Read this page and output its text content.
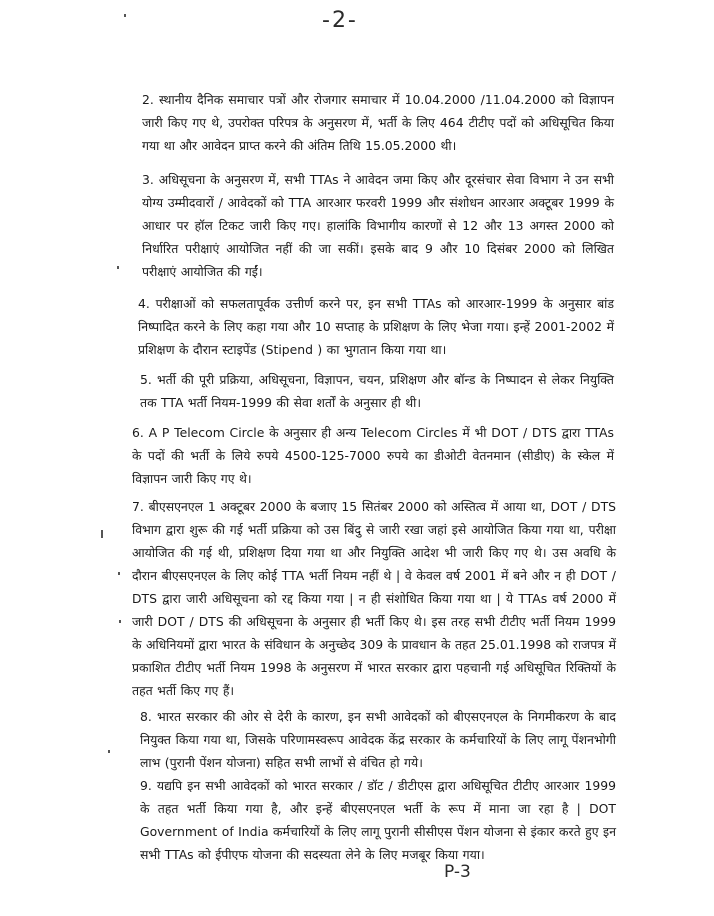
-2-
2. स्थानीय दैनिक समाचार पत्रों और रोजगार समाचार में 10.04.2000 /11.04.2000 को विज्ञापन जारी किए गए थे, उपरोक्त परिपत्र के अनुसरण में, भर्ती के लिए 464 टीटीए पदों को अधिसूचित किया गया था और आवेदन प्राप्त करने की अंतिम तिथि 15.05.2000 थी।
3. अधिसूचना के अनुसरण में, सभी TTAs ने आवेदन जमा किए और दूरसंचार सेवा विभाग ने उन सभी योग्य उम्मीदवारों / आवेदकों को TTA आरआर फरवरी 1999 और संशोधन आरआर अक्टूबर 1999 के आधार पर हॉल टिकट जारी किए गए। हालांकि विभागीय कारणों से 12 और 13 अगस्त 2000 को निर्धारित परीक्षाएं आयोजित नहीं की जा सकीं। इसके बाद 9 और 10 दिसंबर 2000 को लिखित परीक्षाएं आयोजित की गईं।
4. परीक्षाओं को सफलतापूर्वक उत्तीर्ण करने पर, इन सभी TTAs को आरआर-1999 के अनुसार बांड निष्पादित करने के लिए कहा गया और 10 सप्ताह के प्रशिक्षण के लिए भेजा गया। इन्हें 2001-2002 में प्रशिक्षण के दौरान स्टाइपेंड (Stipend ) का भुगतान किया गया था।
5. भर्ती की पूरी प्रक्रिया, अधिसूचना, विज्ञापन, चयन, प्रशिक्षण और बॉन्ड के निष्पादन से लेकर नियुक्ति तक TTA भर्ती नियम-1999 की सेवा शर्तों के अनुसार ही थी।
6. A P Telecom Circle के अनुसार ही अन्य Telecom Circles में भी DOT / DTS द्वारा TTAs के पदों की भर्ती के लिये रुपये 4500-125-7000 रुपये का डीओटी वेतनमान (सीडीए) के स्केल में विज्ञापन जारी किए गए थे।
7. बीएसएनएल 1 अक्टूबर 2000 के बजाए 15 सितंबर 2000 को अस्तित्व में आया था, DOT / DTS विभाग द्वारा शुरू की गई भर्ती प्रक्रिया को उस बिंदु से जारी रखा जहां इसे आयोजित किया गया था, परीक्षा आयोजित की गई थी, प्रशिक्षण दिया गया था और नियुक्ति आदेश भी जारी किए गए थे। उस अवधि के दौरान बीएसएनएल के लिए कोई TTA भर्ती नियम नहीं थे | वे केवल वर्ष 2001 में बने और न ही DOT / DTS द्वारा जारी अधिसूचना को रद्द किया गया | न ही संशोधित किया गया था | ये TTAs वर्ष 2000 में जारी DOT / DTS की अधिसूचना के अनुसार ही भर्ती किए थे। इस तरह सभी टीटीए भर्ती नियम 1999 के अधिनियमों द्वारा भारत के संविधान के अनुच्छेद 309 के प्रावधान के तहत 25.01.1998 को राजपत्र में प्रकाशित टीटीए भर्ती नियम 1998 के अनुसरण में भारत सरकार द्वारा पहचानी गई अधिसूचित रिक्तियों के तहत भर्ती किए गए हैं।
8. भारत सरकार की ओर से देरी के कारण, इन सभी आवेदकों को बीएसएनएल के निगमीकरण के बाद नियुक्त किया गया था, जिसके परिणामस्वरूप आवेदक केंद्र सरकार के कर्मचारियों के लिए लागू पेंशनभोगी लाभ (पुरानी पेंशन योजना) सहित सभी लाभों से वंचित हो गये।
9. यद्यपि इन सभी आवेदकों को भारत सरकार / डॉट / डीटीएस द्वारा अधिसूचित टीटीए आरआर 1999 के तहत भर्ती किया गया है, और इन्हें बीएसएनएल भर्ती के रूप में माना जा रहा है | DOT Government of India कर्मचारियों के लिए लागू पुरानी सीसीएस पेंशन योजना से इंकार करते हुए इन सभी TTAs को ईपीएफ योजना की सदस्यता लेने के लिए मजबूर किया गया।
P-3
